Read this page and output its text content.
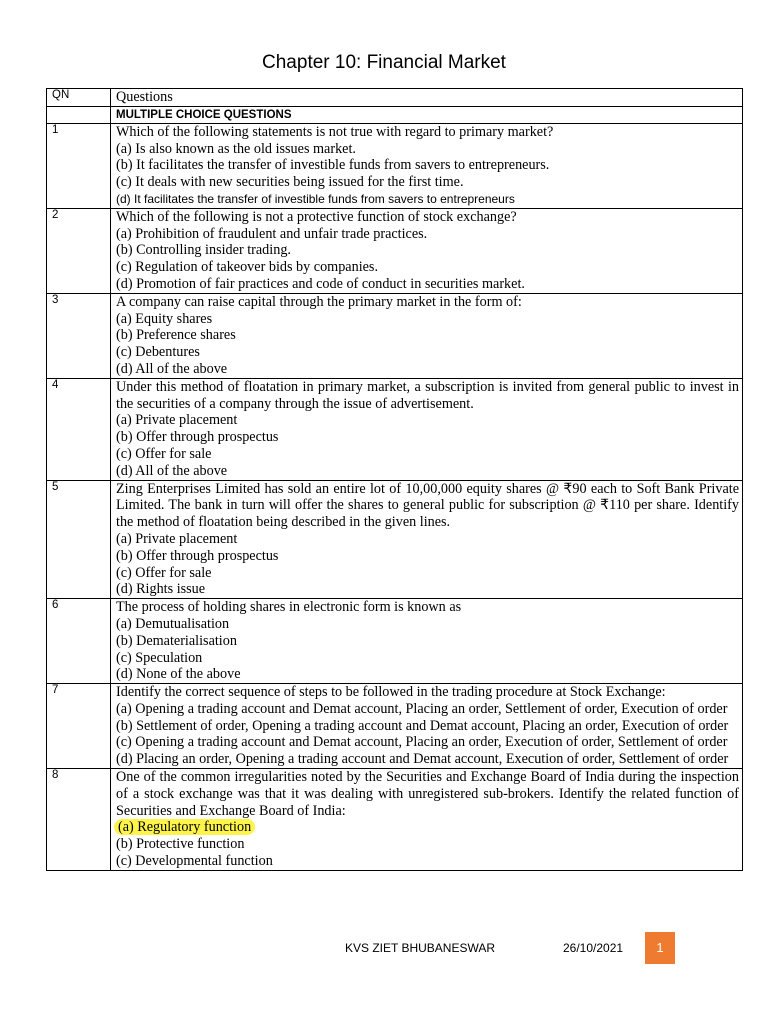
Chapter 10: Financial Market
QN	Questions
	MULTIPLE CHOICE QUESTIONS
1	Which of the following statements is not true with regard to primary market?
(a) Is also known as the old issues market.
(b) It facilitates the transfer of investible funds from savers to entrepreneurs.
(c) It deals with new securities being issued for the first time.
(d) It facilitates the transfer of investible funds from savers to entrepreneurs

2	Which of the following is not a protective function of stock exchange?
(a) Prohibition of fraudulent and unfair trade practices.
(b) Controlling insider trading.
(c) Regulation of takeover bids by companies.
(d) Promotion of fair practices and code of conduct in securities market.

3	A company can raise capital through the primary market in the form of:
(a) Equity shares
(b) Preference shares
(c) Debentures
(d) All of the above

4	Under this method of floatation in primary market, a subscription is invited from general public to invest in the securities of a company through the issue of advertisement.
(a) Private placement
(b) Offer through prospectus
(c) Offer for sale
(d) All of the above

5	Zing Enterprises Limited has sold an entire lot of 10,00,000 equity shares @ ₹90 each to Soft Bank Private Limited. The bank in turn will offer the shares to general public for subscription @ ₹110 per share. Identify the method of floatation being described in the given lines.
(a) Private placement
(b) Offer through prospectus
(c) Offer for sale
(d) Rights issue

6	The process of holding shares in electronic form is known as
(a) Demutualisation
(b) Dematerialisation
(c) Speculation
(d) None of the above

7	Identify the correct sequence of steps to be followed in the trading procedure at Stock Exchange:
(a) Opening a trading account and Demat account, Placing an order, Settlement of order, Execution of order
(b) Settlement of order, Opening a trading account and Demat account, Placing an order, Execution of order
(c) Opening a trading account and Demat account, Placing an order, Execution of order, Settlement of order
(d) Placing an order, Opening a trading account and Demat account, Execution of order, Settlement of order

8	One of the common irregularities noted by the Securities and Exchange Board of India during the inspection of a stock exchange was that it was dealing with unregistered sub-brokers. Identify the related function of Securities and Exchange Board of India:
(a) Regulatory function
(b) Protective function
(c) Developmental function
KVS ZIET BHUBANESWAR	26/10/2021	1
